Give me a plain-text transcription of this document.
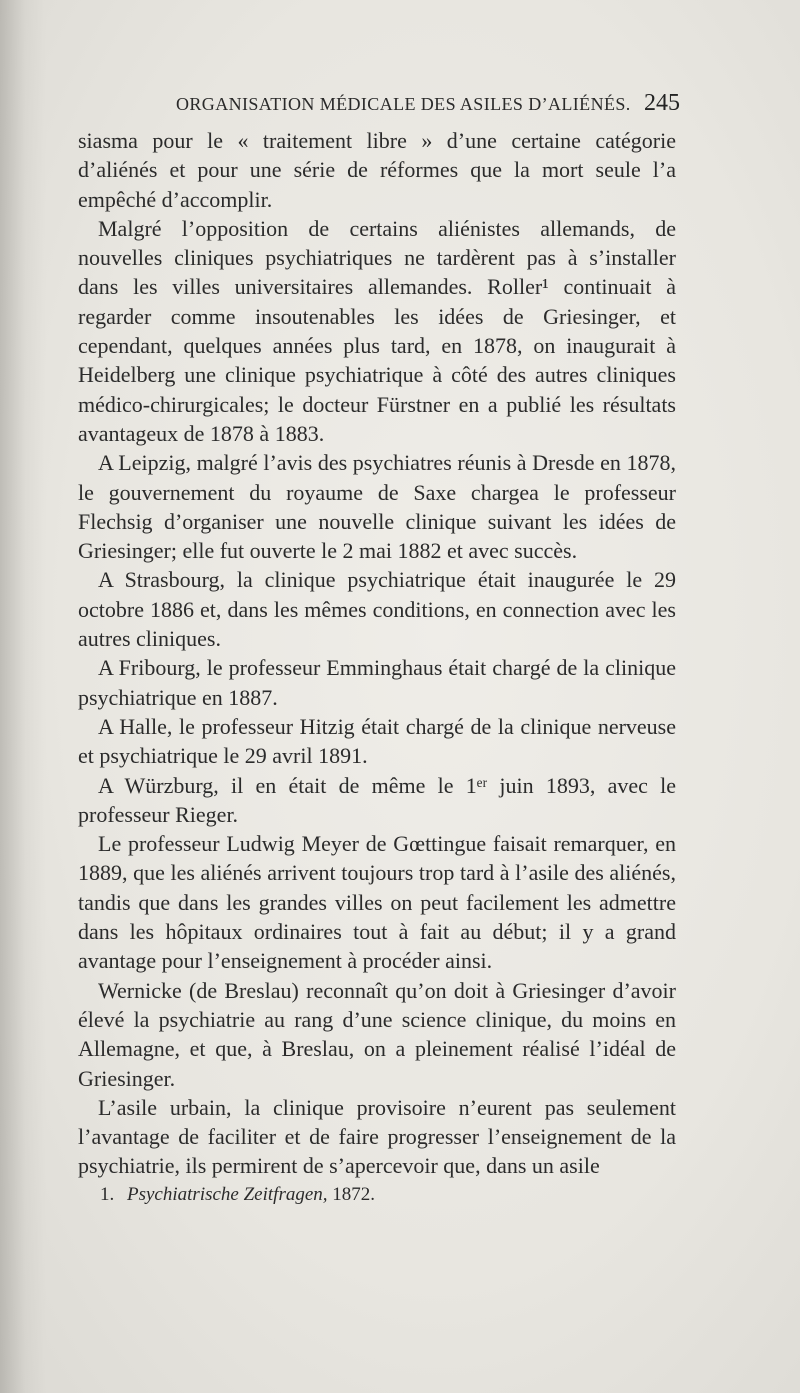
ORGANISATION MÉDICALE DES ASILES D’ALIÉNÉS. 245

siasma pour le « traitement libre » d’une certaine catégorie d’aliénés et pour une série de réformes que la mort seule l’a empêché d’accomplir.

Malgré l’opposition de certains aliénistes allemands, de nouvelles cliniques psychiatriques ne tardèrent pas à s’installer dans les villes universitaires allemandes. Roller¹ continuait à regarder comme insoutenables les idées de Griesinger, et cependant, quelques années plus tard, en 1878, on inaugurait à Heidelberg une clinique psychiatrique à côté des autres cliniques médico-chirurgicales; le docteur Fürstner en a publié les résultats avantageux de 1878 à 1883.

A Leipzig, malgré l’avis des psychiatres réunis à Dresde en 1878, le gouvernement du royaume de Saxe chargea le professeur Flechsig d’organiser une nouvelle clinique suivant les idées de Griesinger; elle fut ouverte le 2 mai 1882 et avec succès.

A Strasbourg, la clinique psychiatrique était inaugurée le 29 octobre 1886 et, dans les mêmes conditions, en connection avec les autres cliniques.

A Fribourg, le professeur Emminghaus était chargé de la clinique psychiatrique en 1887.

A Halle, le professeur Hitzig était chargé de la clinique nerveuse et psychiatrique le 29 avril 1891.

A Würzburg, il en était de même le 1ᵉʳ juin 1893, avec le professeur Rieger.

Le professeur Ludwig Meyer de Gœttingue faisait remarquer, en 1889, que les aliénés arrivent toujours trop tard à l’asile des aliénés, tandis que dans les grandes villes on peut facilement les admettre dans les hôpitaux ordinaires tout à fait au début; il y a grand avantage pour l’enseignement à procéder ainsi.

Wernicke (de Breslau) reconnaît qu’on doit à Griesinger d’avoir élevé la psychiatrie au rang d’une science clinique, du moins en Allemagne, et que, à Breslau, on a pleinement réalisé l’idéal de Griesinger.

L’asile urbain, la clinique provisoire n’eurent pas seulement l’avantage de faciliter et de faire progresser l’enseignement de la psychiatrie, ils permirent de s’apercevoir que, dans un asile

1. Psychiatrische Zeitfragen, 1872.
